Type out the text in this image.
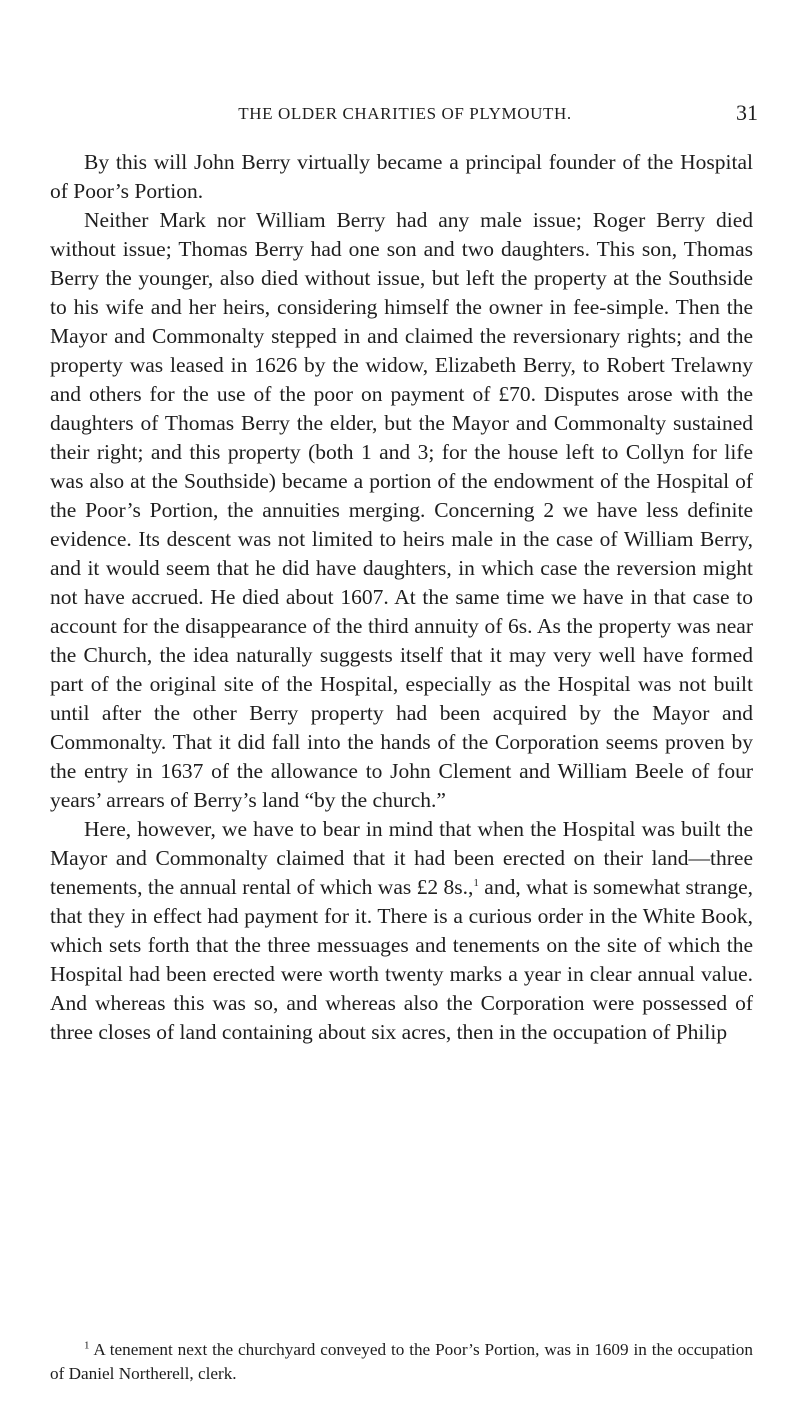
THE OLDER CHARITIES OF PLYMOUTH.	31

By this will John Berry virtually became a principal founder of the Hospital of Poor’s Portion.

Neither Mark nor William Berry had any male issue; Roger Berry died without issue; Thomas Berry had one son and two daughters. This son, Thomas Berry the younger, also died without issue, but left the property at the Southside to his wife and her heirs, considering himself the owner in fee-simple. Then the Mayor and Commonalty stepped in and claimed the reversionary rights; and the property was leased in 1626 by the widow, Elizabeth Berry, to Robert Trelawny and others for the use of the poor on payment of £70. Disputes arose with the daughters of Thomas Berry the elder, but the Mayor and Commonalty sustained their right; and this property (both 1 and 3; for the house left to Collyn for life was also at the Southside) became a portion of the endowment of the Hospital of the Poor’s Portion, the annuities merging. Concerning 2 we have less definite evidence. Its descent was not limited to heirs male in the case of William Berry, and it would seem that he did have daughters, in which case the reversion might not have accrued. He died about 1607. At the same time we have in that case to account for the disappearance of the third annuity of 6s. As the property was near the Church, the idea naturally suggests itself that it may very well have formed part of the original site of the Hospital, especially as the Hospital was not built until after the other Berry property had been acquired by the Mayor and Commonalty. That it did fall into the hands of the Corporation seems proven by the entry in 1637 of the allowance to John Clement and William Beele of four years’ arrears of Berry’s land “by the church.”

Here, however, we have to bear in mind that when the Hospital was built the Mayor and Commonalty claimed that it had been erected on their land—three tenements, the annual rental of which was £2 8s.,$^1$ and, what is somewhat strange, that they in effect had payment for it. There is a curious order in the White Book, which sets forth that the three messuages and tenements on the site of which the Hospital had been erected were worth twenty marks a year in clear annual value. And whereas this was so, and whereas also the Corporation were possessed of three closes of land containing about six acres, then in the occupation of Philip

$^1$ A tenement next the churchyard conveyed to the Poor’s Portion, was in 1609 in the occupation of Daniel Northerell, clerk.
